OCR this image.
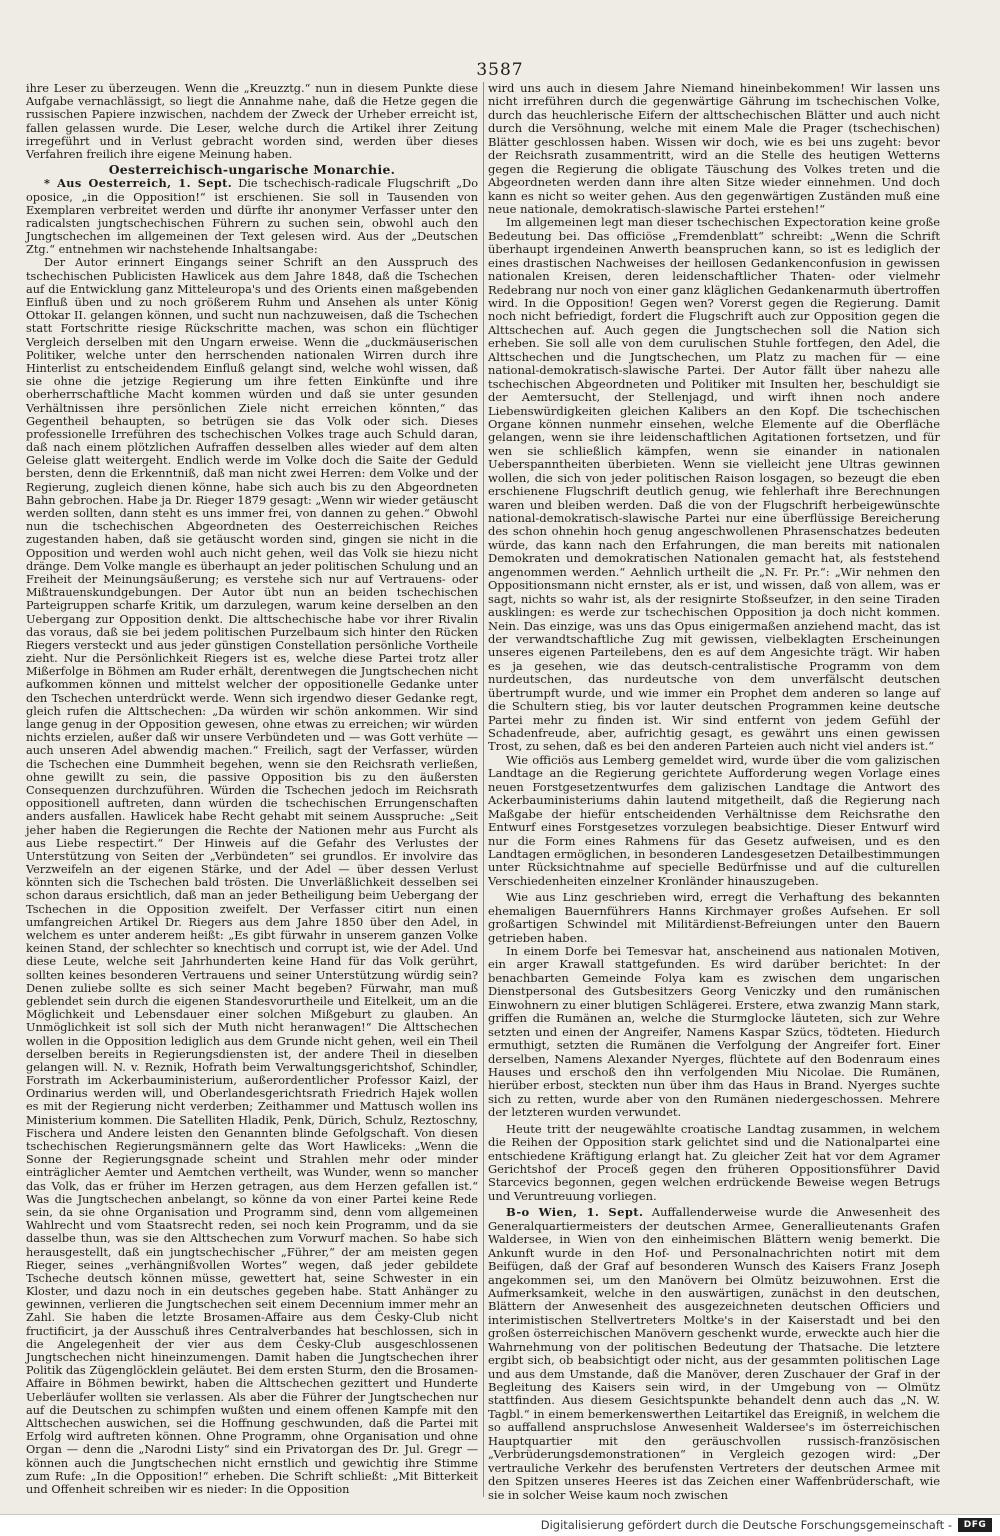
3587

ihre Leser zu überzeugen. Wenn die „Kreuzztg.“ nun in diesem Punkte diese Aufgabe vernachlässigt, so liegt die Annahme nahe, daß die Hetze gegen die russischen Papiere inzwischen, nachdem der Zweck der Urheber erreicht ist, fallen gelassen wurde. Die Leser, welche durch die Artikel ihrer Zeitung irregeführt und in Verlust gebracht worden sind, werden über dieses Verfahren freilich ihre eigene Meinung haben.

Oesterreichisch-ungarische Monarchie.

* Aus Oesterreich, 1. Sept. Die tschechisch-radicale Flugschrift „Do oposice, „in die Opposition!“ ist erschienen. Sie soll in Tausenden von Exemplaren verbreitet werden und dürfte ihr anonymer Verfasser unter den radicalsten jungtschechischen Führern zu suchen sein, obwohl auch den Jungtschechen im allgemeinen der Text gelesen wird. Aus der „Deutschen Ztg.“ entnehmen wir nachstehende Inhaltsangabe:

Der Autor erinnert Eingangs seiner Schrift an den Ausspruch des tschechischen Publicisten Hawlicek aus dem Jahre 1848, daß die Tschechen auf die Entwicklung ganz Mitteleuropa's und des Orients einen maßgebenden Einfluß üben und zu noch größerem Ruhm und Ansehen als unter König Ottokar II. gelangen können, und sucht nun nachzuweisen, daß die Tschechen statt Fortschritte riesige Rückschritte machen, was schon ein flüchtiger Vergleich derselben mit den Ungarn erweise. Wenn die „duckmäuserischen Politiker, welche unter den herrschenden nationalen Wirren durch ihre Hinterlist zu entscheidendem Einfluß gelangt sind, welche wohl wissen, daß sie ohne die jetzige Regierung um ihre fetten Einkünfte und ihre oberherrschaftliche Macht kommen würden und daß sie unter gesunden Verhältnissen ihre persönlichen Ziele nicht erreichen könnten,“ das Gegentheil behaupten, so betrügen sie das Volk oder sich. Dieses professionelle Irreführen des tschechischen Volkes trage auch Schuld daran, daß nach einem plötzlichen Aufraffen desselben alles wieder auf dem alten Geleise glatt weitergeht. Endlich werde im Volke doch die Saite der Geduld bersten, denn die Erkenntniß, daß man nicht zwei Herren: dem Volke und der Regierung, zugleich dienen könne, habe sich auch bis zu den Abgeordneten Bahn gebrochen. Habe ja Dr. Rieger 1879 gesagt: „Wenn wir wieder getäuscht werden sollten, dann steht es uns immer frei, von dannen zu gehen.“ Obwohl nun die tschechischen Abgeordneten des Oesterreichischen Reiches zugestanden haben, daß sie getäuscht worden sind, gingen sie nicht in die Opposition und werden wohl auch nicht gehen, weil das Volk sie hiezu nicht dränge. Dem Volke mangle es überhaupt an jeder politischen Schulung und an Freiheit der Meinungsäußerung; es verstehe sich nur auf Vertrauens- oder Mißtrauenskundgebungen. Der Autor übt nun an beiden tschechischen Parteigruppen scharfe Kritik, um darzulegen, warum keine derselben an den Uebergang zur Opposition denkt. Die alttschechische habe vor ihrer Rivalin das voraus, daß sie bei jedem politischen Purzelbaum sich hinter den Rücken Riegers versteckt und aus jeder günstigen Constellation persönliche Vortheile zieht. Nur die Persönlichkeit Riegers ist es, welche diese Partei trotz aller Mißerfolge in Böhmen am Ruder erhält, derentwegen die Jungtschechen nicht aufkommen können und mittelst welcher der oppositionelle Gedanke unter den Tschechen unterdrückt werde. Wenn sich irgendwo dieser Gedanke regt, gleich rufen die Alttschechen: „Da würden wir schön ankommen. Wir sind lange genug in der Opposition gewesen, ohne etwas zu erreichen; wir würden nichts erzielen, außer daß wir unsere Verbündeten und — was Gott verhüte — auch unseren Adel abwendig machen.“ Freilich, sagt der Verfasser, würden die Tschechen eine Dummheit begehen, wenn sie den Reichsrath verließen, ohne gewillt zu sein, die passive Opposition bis zu den äußersten Consequenzen durchzuführen. Würden die Tschechen jedoch im Reichsrath oppositionell auftreten, dann würden die tschechischen Errungenschaften anders ausfallen. Hawlicek habe Recht gehabt mit seinem Ausspruche: „Seit jeher haben die Regierungen die Rechte der Nationen mehr aus Furcht als aus Liebe respectirt.“ Der Hinweis auf die Gefahr des Verlustes der Unterstützung von Seiten der „Verbündeten“ sei grundlos. Er involvire das Verzweifeln an der eigenen Stärke, und der Adel — über dessen Verlust könnten sich die Tschechen bald trösten. Die Unverläßlichkeit desselben sei schon daraus ersichtlich, daß man an jeder Betheiligung beim Uebergang der Tschechen in die Opposition zweifelt. Der Verfasser citirt nun einen umfangreichen Artikel Dr. Riegers aus dem Jahre 1850 über den Adel, in welchem es unter anderem heißt: „Es gibt fürwahr in unserem ganzen Volke keinen Stand, der schlechter so knechtisch und corrupt ist, wie der Adel. Und diese Leute, welche seit Jahrhunderten keine Hand für das Volk gerührt, sollten keines besonderen Vertrauens und seiner Unterstützung würdig sein? Denen zuliebe sollte es sich seiner Macht begeben? Fürwahr, man muß geblendet sein durch die eigenen Standesvorurtheile und Eitelkeit, um an die Möglichkeit und Lebensdauer einer solchen Mißgeburt zu glauben. An Unmöglichkeit ist soll sich der Muth nicht heranwagen!“ Die Alttschechen wollen in die Opposition lediglich aus dem Grunde nicht gehen, weil ein Theil derselben bereits in Regierungsdiensten ist, der andere Theil in dieselben gelangen will. N. v. Reznik, Hofrath beim Verwaltungsgerichtshof, Schindler, Forstrath im Ackerbauministerium, außerordentlicher Professor Kaizl, der Ordinarius werden will, und Oberlandesgerichtsrath Friedrich Hajek wollen es mit der Regierung nicht verderben; Zeithammer und Mattusch wollen ins Ministerium kommen. Die Satelliten Hladik, Penk, Dürich, Schulz, Reztoschny, Fischera und Andere leisten den Genannten blinde Gefolgschaft. Von diesen tschechischen Regierungsmännern gelte das Wort Hawliceks: „Wenn die Sonne der Regierungsgnade scheint und Strahlen mehr oder minder einträglicher Aemter und Aemtchen vertheilt, was Wunder, wenn so mancher das Volk, das er früher im Herzen getragen, aus dem Herzen gefallen ist.“ Was die Jungtschechen anbelangt, so könne da von einer Partei keine Rede sein, da sie ohne Organisation und Programm sind, denn vom allgemeinen Wahlrecht und vom Staatsrecht reden, sei noch kein Programm, und da sie dasselbe thun, was sie den Alttschechen zum Vorwurf machen. So habe sich herausgestellt, daß ein jungtschechischer „Führer,“ der am meisten gegen Rieger, seines „verhängnißvollen Wortes“ wegen, daß jeder gebildete Tscheche deutsch können müsse, gewettert hat, seine Schwester in ein Kloster, und dazu noch in ein deutsches gegeben habe. Statt Anhänger zu gewinnen, verlieren die Jungtschechen seit einem Decennium immer mehr an Zahl. Sie haben die letzte Brosamen-Affaire aus dem Česky-Club nicht fructificirt, ja der Ausschuß ihres Centralverbandes hat beschlossen, sich in die Angelegenheit der vier aus dem Česky-Club ausgeschlossenen Jungtschechen nicht hineinzumengen. Damit haben die Jungtschechen ihrer Politik das Zügenglöcklein geläutet. Bei dem ersten Sturm, den die Brosamen-Affaire in Böhmen bewirkt, haben die Alttschechen gezittert und Hunderte Ueberläufer wollten sie verlassen. Als aber die Führer der Jungtschechen nur auf die Deutschen zu schimpfen wußten und einem offenen Kampfe mit den Alttschechen auswichen, sei die Hoffnung geschwunden, daß die Partei mit Erfolg wird auftreten können. Ohne Programm, ohne Organisation und ohne Organ — denn die „Narodni Listy“ sind ein Privatorgan des Dr. Jul. Gregr — können auch die Jungtschechen nicht ernstlich und gewichtig ihre Stimme zum Rufe: „In die Opposition!“ erheben. Die Schrift schließt: „Mit Bitterkeit und Offenheit schreiben wir es nieder: In die Opposition

wird uns auch in diesem Jahre Niemand hineinbekommen! Wir lassen uns nicht irreführen durch die gegenwärtige Gährung im tschechischen Volke, durch das heuchlerische Eifern der alttschechischen Blätter und auch nicht durch die Versöhnung, welche mit einem Male die Prager (tschechischen) Blätter geschlossen haben. Wissen wir doch, wie es bei uns zugeht: bevor der Reichsrath zusammentritt, wird an die Stelle des heutigen Wetterns gegen die Regierung die obligate Täuschung des Volkes treten und die Abgeordneten werden dann ihre alten Sitze wieder einnehmen. Und doch kann es nicht so weiter gehen. Aus den gegenwärtigen Zuständen muß eine neue nationale, demokratisch-slawische Partei erstehen!“

Im allgemeinen legt man dieser tschechischen Expectoration keine große Bedeutung bei. Das officiöse „Fremdenblatt“ schreibt: „Wenn die Schrift überhaupt irgendeinen Anwerth beanspruchen kann, so ist es lediglich der eines drastischen Nachweises der heillosen Gedankenconfusion in gewissen nationalen Kreisen, deren leidenschaftlicher Thaten- oder vielmehr Redebrang nur noch von einer ganz kläglichen Gedankenarmuth übertroffen wird. In die Opposition! Gegen wen? Vorerst gegen die Regierung. Damit noch nicht befriedigt, fordert die Flugschrift auch zur Opposition gegen die Alttschechen auf. Auch gegen die Jungtschechen soll die Nation sich erheben. Sie soll alle von dem curulischen Stuhle fortfegen, den Adel, die Alttschechen und die Jungtschechen, um Platz zu machen für — eine national-demokratisch-slawische Partei. Der Autor fällt über nahezu alle tschechischen Abgeordneten und Politiker mit Insulten her, beschuldigt sie der Aemtersucht, der Stellenjagd, und wirft ihnen noch andere Liebenswürdigkeiten gleichen Kalibers an den Kopf. Die tschechischen Organe können nunmehr einsehen, welche Elemente auf die Oberfläche gelangen, wenn sie ihre leidenschaftlichen Agitationen fortsetzen, und für wen sie schließlich kämpfen, wenn sie einander in nationalen Ueberspanntheiten überbieten. Wenn sie vielleicht jene Ultras gewinnen wollen, die sich von jeder politischen Raison losgagen, so bezeugt die eben erschienene Flugschrift deutlich genug, wie fehlerhaft ihre Berechnungen waren und bleiben werden. Daß die von der Flugschrift herbeigewünschte national-demokratisch-slawische Partei nur eine überflüssige Bereicherung des schon ohnehin hoch genug angeschwollenen Phrasenschatzes bedeuten würde, das kann nach den Erfahrungen, die man bereits mit nationalen Demokraten und demokratischen Nationalen gemacht hat, als feststehend angenommen werden.“ Aehnlich urtheilt die „N. Fr. Pr.“: „Wir nehmen den Oppositionsmann nicht ernster, als er ist, und wissen, daß von allem, was er sagt, nichts so wahr ist, als der resignirte Stoßseufzer, in den seine Tiraden ausklingen: es werde zur tschechischen Opposition ja doch nicht kommen. Nein. Das einzige, was uns das Opus einigermaßen anziehend macht, das ist der verwandtschaftliche Zug mit gewissen, vielbeklagten Erscheinungen unseres eigenen Parteilebens, den es auf dem Angesichte trägt. Wir haben es ja gesehen, wie das deutsch-centralistische Programm von dem nurdeutschen, das nurdeutsche von dem unverfälscht deutschen übertrumpft wurde, und wie immer ein Prophet dem anderen so lange auf die Schultern stieg, bis vor lauter deutschen Programmen keine deutsche Partei mehr zu finden ist. Wir sind entfernt von jedem Gefühl der Schadenfreude, aber, aufrichtig gesagt, es gewährt uns einen gewissen Trost, zu sehen, daß es bei den anderen Parteien auch nicht viel anders ist.“

Wie officiös aus Lemberg gemeldet wird, wurde über die vom galizischen Landtage an die Regierung gerichtete Aufforderung wegen Vorlage eines neuen Forstgesetzentwurfes dem galizischen Landtage die Antwort des Ackerbauministeriums dahin lautend mitgetheilt, daß die Regierung nach Maßgabe der hiefür entscheidenden Verhältnisse dem Reichsrathe den Entwurf eines Forstgesetzes vorzulegen beabsichtige. Dieser Entwurf wird nur die Form eines Rahmens für das Gesetz aufweisen, und es den Landtagen ermöglichen, in besonderen Landesgesetzen Detailbestimmungen unter Rücksichtnahme auf specielle Bedürfnisse und auf die culturellen Verschiedenheiten einzelner Kronländer hinauszugeben.

Wie aus Linz geschrieben wird, erregt die Verhaftung des bekannten ehemaligen Bauernführers Hanns Kirchmayer großes Aufsehen. Er soll großartigen Schwindel mit Militärdienst-Befreiungen unter den Bauern getrieben haben.

In einem Dorfe bei Temesvar hat, anscheinend aus nationalen Motiven, ein arger Krawall stattgefunden. Es wird darüber berichtet: In der benachbarten Gemeinde Folya kam es zwischen dem ungarischen Dienstpersonal des Gutsbesitzers Georg Veniczky und den rumänischen Einwohnern zu einer blutigen Schlägerei. Erstere, etwa zwanzig Mann stark, griffen die Rumänen an, welche die Sturmglocke läuteten, sich zur Wehre setzten und einen der Angreifer, Namens Kaspar Szücs, tödteten. Hiedurch ermuthigt, setzten die Rumänen die Verfolgung der Angreifer fort. Einer derselben, Namens Alexander Nyerges, flüchtete auf den Bodenraum eines Hauses und erschoß den ihn verfolgenden Miu Nicolae. Die Rumänen, hierüber erbost, steckten nun über ihm das Haus in Brand. Nyerges suchte sich zu retten, wurde aber von den Rumänen niedergeschossen. Mehrere der letzteren wurden verwundet.

Heute tritt der neugewählte croatische Landtag zusammen, in welchem die Reihen der Opposition stark gelichtet sind und die Nationalpartei eine entschiedene Kräftigung erlangt hat. Zu gleicher Zeit hat vor dem Agramer Gerichtshof der Proceß gegen den früheren Oppositionsführer David Starcevics begonnen, gegen welchen erdrückende Beweise wegen Betrugs und Veruntreuung vorliegen.

B-o Wien, 1. Sept. Auffallenderweise wurde die Anwesenheit des Generalquartiermeisters der deutschen Armee, Generallieutenants Grafen Waldersee, in Wien von den einheimischen Blättern wenig bemerkt. Die Ankunft wurde in den Hof- und Personalnachrichten notirt mit dem Beifügen, daß der Graf auf besonderen Wunsch des Kaisers Franz Joseph angekommen sei, um den Manövern bei Olmütz beizuwohnen. Erst die Aufmerksamkeit, welche in den auswärtigen, zunächst in den deutschen, Blättern der Anwesenheit des ausgezeichneten deutschen Officiers und interimistischen Stellvertreters Moltke's in der Kaiserstadt und bei den großen österreichischen Manövern geschenkt wurde, erweckte auch hier die Wahrnehmung von der politischen Bedeutung der Thatsache. Die letztere ergibt sich, ob beabsichtigt oder nicht, aus der gesammten politischen Lage und aus dem Umstande, daß die Manöver, deren Zuschauer der Graf in der Begleitung des Kaisers sein wird, in der Umgebung von — Olmütz stattfinden. Aus diesem Gesichtspunkte behandelt denn auch das „N. W. Tagbl.“ in einem bemerkenswerthen Leitartikel das Ereigniß, in welchem die so auffallend anspruchslose Anwesenheit Waldersee's im österreichischen Hauptquartier mit den geräuschvollen russisch-französischen „Verbrüderungsdemonstrationen“ in Vergleich gezogen wird: „Der vertrauliche Verkehr des berufensten Vertreters der deutschen Armee mit den Spitzen unseres Heeres ist das Zeichen einer Waffenbrüderschaft, wie sie in solcher Weise kaum noch zwischen

Digitalisierung gefördert durch die Deutsche Forschungsgemeinschaft -	DFG
